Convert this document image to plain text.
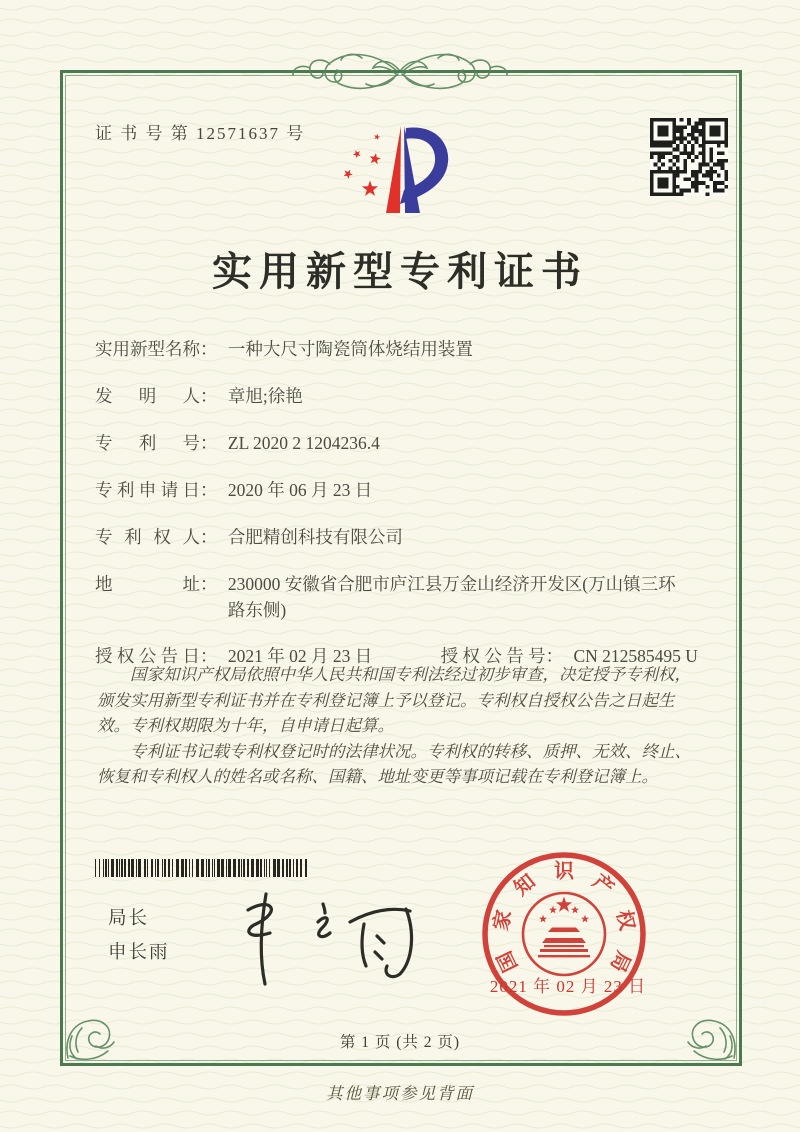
证 书 号 第 12571637 号
实用新型专利证书
实用新型名称： 一种大尺寸陶瓷筒体烧结用装置
发明人： 章旭;徐艳
专利号： ZL 2020 2 1204236.4
专利申请日： 2020 年 06 月 23 日
专利权人： 合肥精创科技有限公司
地址： 230000 安徽省合肥市庐江县万金山经济开发区(万山镇三环路东侧)
授权公告日： 2021 年 02 月 23 日	授权公告号： CN 212585495 U

国家知识产权局依照中华人民共和国专利法经过初步审查，决定授予专利权，颁发实用新型专利证书并在专利登记簿上予以登记。专利权自授权公告之日起生效。专利权期限为十年，自申请日起算。

专利证书记载专利权登记时的法律状况。专利权的转移、质押、无效、终止、恢复和专利权人的姓名或名称、国籍、地址变更等事项记载在专利登记簿上。

局长
申长雨	国
家
知 识 产
权
局
2021 年 02 月 23 日
第 1 页 (共 2 页)
其他事项参见背面
